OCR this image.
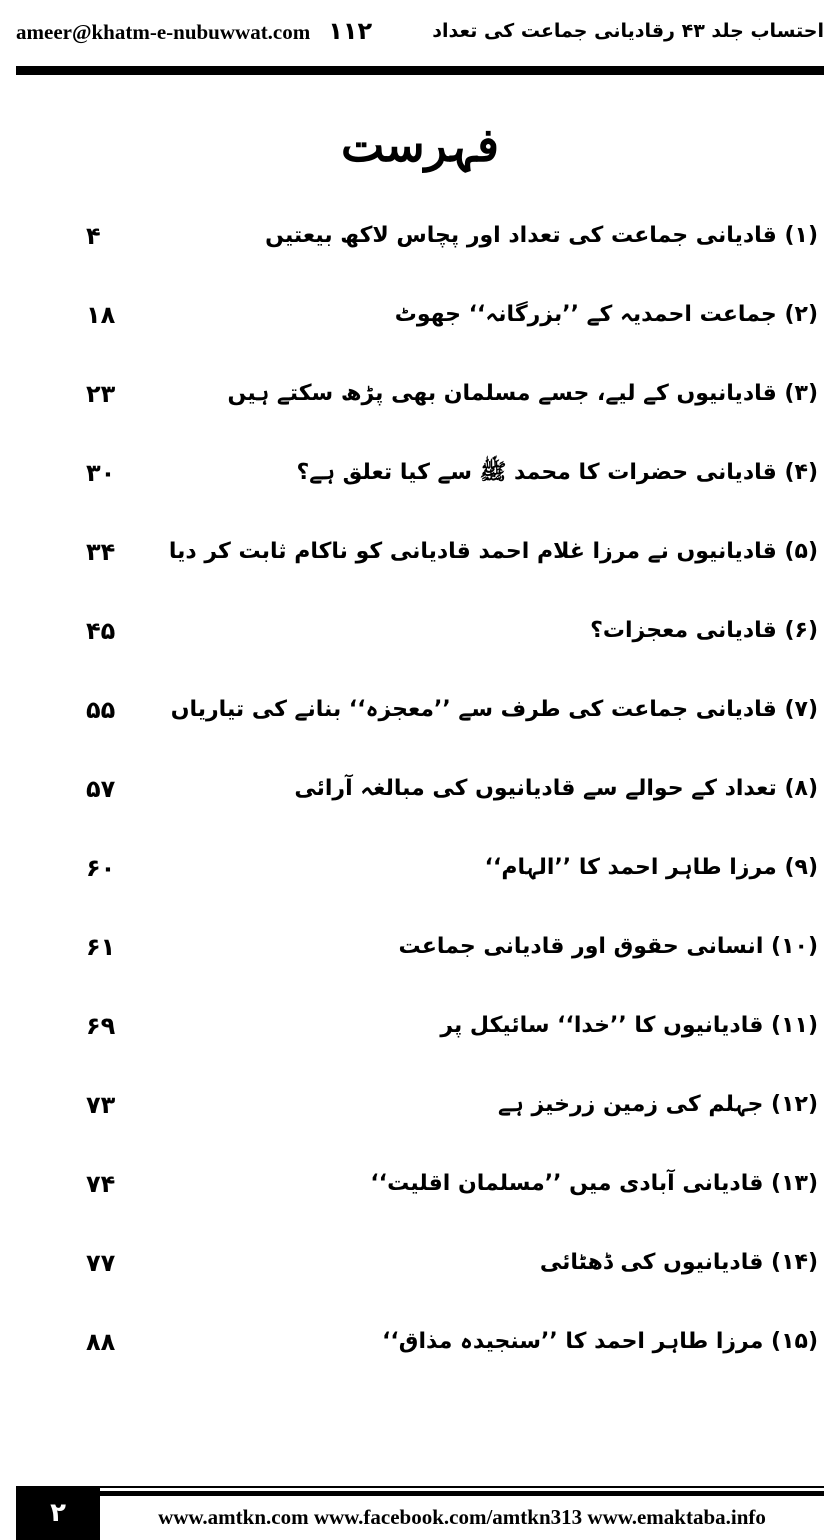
ameer@khatm-e-nubuwwat.com ۱۱۲	احتساب جلد ۴۳ رقادیانی جماعت کی تعداد
فہرست
(۱) قادیانی جماعت کی تعداد اور پچاس لاکھ بیعتیں
۴
(۲) جماعت احمدیہ کے ’’بزرگانہ‘‘ جھوٹ
۱۸
(۳) قادیانیوں کے لیے، جسے مسلمان بھی پڑھ سکتے ہیں
۲۳
(۴) قادیانی حضرات کا محمد ﷺ سے کیا تعلق ہے؟
۳۰
(۵) قادیانیوں نے مرزا غلام احمد قادیانی کو ناکام ثابت کر دیا
۳۴
(۶) قادیانی معجزات؟
۴۵
(۷) قادیانی جماعت کی طرف سے ’’معجزہ‘‘ بنانے کی تیاریاں
۵۵
(۸) تعداد کے حوالے سے قادیانیوں کی مبالغہ آرائی
۵۷
(۹) مرزا طاہر احمد کا ’’الہام‘‘
۶۰
(۱۰) انسانی حقوق اور قادیانی جماعت
۶۱
(۱۱) قادیانیوں کا ’’خدا‘‘ سائیکل پر
۶۹
(۱۲) جہلم کی زمین زرخیز ہے
۷۳
(۱۳) قادیانی آبادی میں ’’مسلمان اقلیت‘‘
۷۴
(۱۴) قادیانیوں کی ڈھٹائی
۷۷
(۱۵) مرزا طاہر احمد کا ’’سنجیدہ مذاق‘‘
۸۸
۲	www.amtkn.com www.facebook.com/amtkn313 www.emaktaba.info
